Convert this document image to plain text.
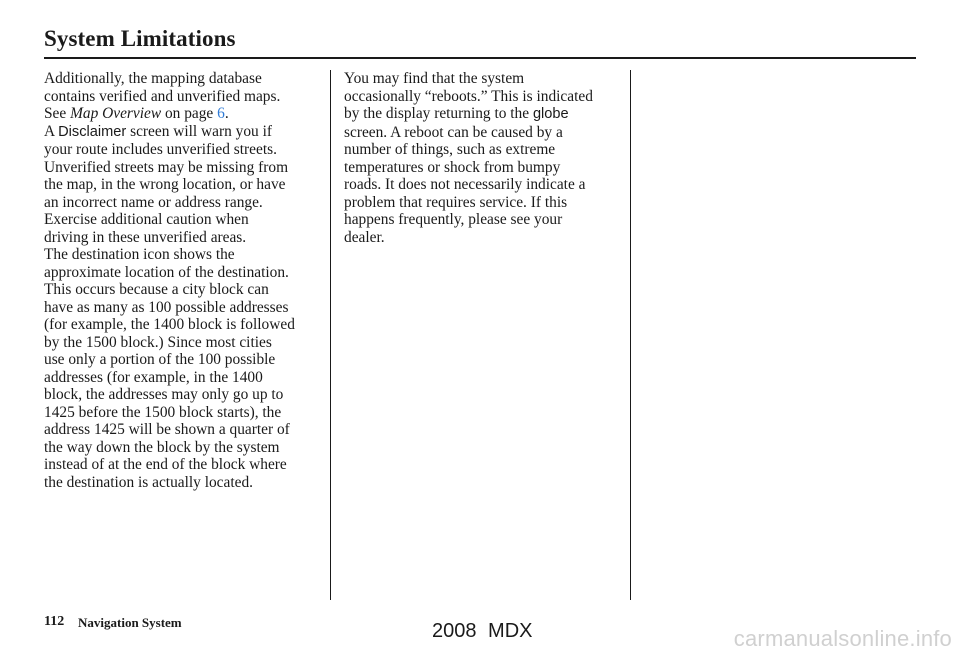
System Limitations

Additionally, the mapping database

contains verified and unverified maps.

See Map Overview on page 6.

A Disclaimer screen will warn you if

your route includes unverified streets.

Unverified streets may be missing from

the map, in the wrong location, or have

an incorrect name or address range.

Exercise additional caution when

driving in these unverified areas.

The destination icon shows the

approximate location of the destination.

This occurs because a city block can

have as many as 100 possible addresses

(for example, the 1400 block is followed

by the 1500 block.) Since most cities

use only a portion of the 100 possible

addresses (for example, in the 1400

block, the addresses may only go up to

1425 before the 1500 block starts), the

address 1425 will be shown a quarter of

the way down the block by the system

instead of at the end of the block where

the destination is actually located.

You may find that the system

occasionally “reboots.” This is indicated

by the display returning to the globe

screen. A reboot can be caused by a

number of things, such as extreme

temperatures or shock from bumpy

roads. It does not necessarily indicate a

problem that requires service. If this

happens frequently, please see your

dealer.

112 Navigation System	2008 MDX	carmanualsonline.info
